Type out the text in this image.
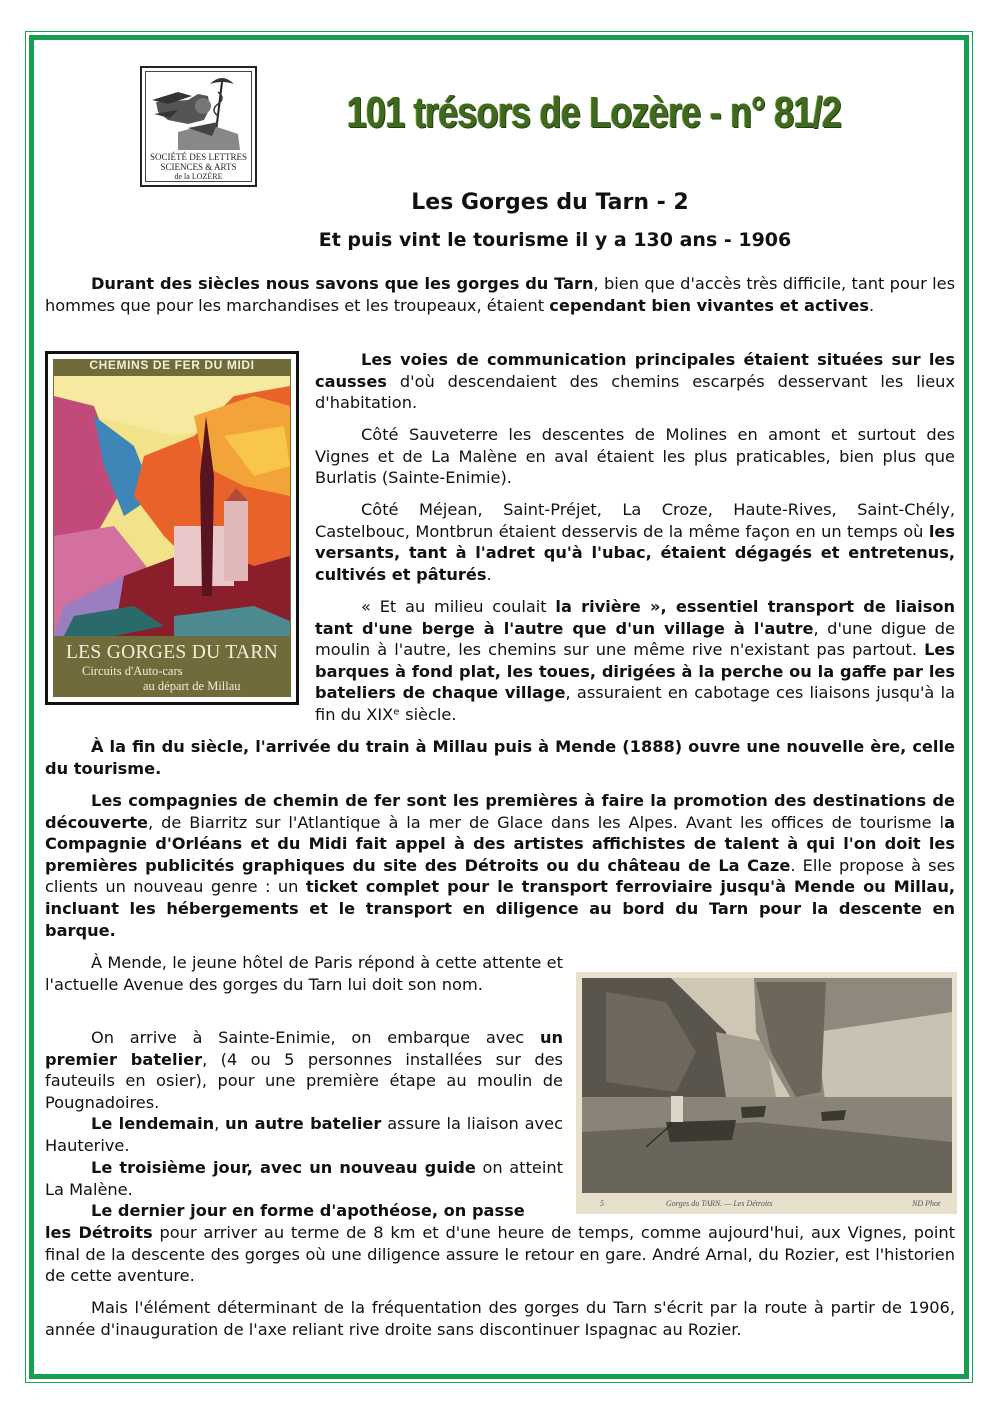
SOCIÉTÉ DES LETTRES
SCIENCES & ARTS
de la LOZÈRE
101 trésors de Lozère - n° 81/2
Les Gorges du Tarn - 2
Et puis vint le tourisme il y a 130 ans - 1906

Durant des siècles nous savons que les gorges du Tarn, bien que d'accès très difficile, tant pour les hommes que pour les marchandises et les troupeaux, étaient cependant bien vivantes et actives.

CHEMINS DE FER DU MIDI
LES GORGES DU TARN
Circuits d'Auto-cars
au départ de Millau

Les voies de communication principales étaient situées sur les causses d'où descendaient des chemins escarpés desservant les lieux d'habitation.

Côté Sauveterre les descentes de Molines en amont et surtout des Vignes et de La Malène en aval étaient les plus praticables, bien plus que Burlatis (Sainte-Enimie).

Côté Méjean, Saint-Préjet, La Croze, Haute-Rives, Saint-Chély, Castelbouc, Montbrun étaient desservis de la même façon en un temps où les versants, tant à l'adret qu'à l'ubac, étaient dégagés et entretenus, cultivés et pâturés.

« Et au milieu coulait la rivière », essentiel transport de liaison tant d'une berge à l'autre que d'un village à l'autre, d'une digue de moulin à l'autre, les chemins sur une même rive n'existant pas partout. Les barques à fond plat, les toues, dirigées à la perche ou la gaffe par les bateliers de chaque village, assuraient en cabotage ces liaisons jusqu'à la fin du XIXᵉ siècle.

À la fin du siècle, l'arrivée du train à Millau puis à Mende (1888) ouvre une nouvelle ère, celle du tourisme.

Les compagnies de chemin de fer sont les premières à faire la promotion des destinations de découverte, de Biarritz sur l'Atlantique à la mer de Glace dans les Alpes. Avant les offices de tourisme la Compagnie d'Orléans et du Midi fait appel à des artistes affichistes de talent à qui l'on doit les premières publicités graphiques du site des Détroits ou du château de La Caze. Elle propose à ses clients un nouveau genre : un ticket complet pour le transport ferroviaire jusqu'à Mende ou Millau, incluant les hébergements et le transport en diligence au bord du Tarn pour la descente en barque.

À Mende, le jeune hôtel de Paris répond à cette attente et l'actuelle Avenue des gorges du Tarn lui doit son nom.

On arrive à Sainte-Enimie, on embarque avec un premier batelier, (4 ou 5 personnes installées sur des fauteuils en osier), pour une première étape au moulin de Pougnadoires.

Le lendemain, un autre batelier assure la liaison avec Hauterive.

Le troisième jour, avec un nouveau guide on atteint La Malène.

Le dernier jour en forme d'apothéose, on passe

les Détroits pour arriver au terme de 8 km et d'une heure de temps, comme aujourd'hui, aux Vignes, point final de la descente des gorges où une diligence assure le retour en gare. André Arnal, du Rozier, est l'historien de cette aventure.

Mais l'élément déterminant de la fréquentation des gorges du Tarn s'écrit par la route à partir de 1906, année d'inauguration de l'axe reliant rive droite sans discontinuer Ispagnac au Rozier.

5	Gorges du TARN. — Les Détroits	ND Phot
